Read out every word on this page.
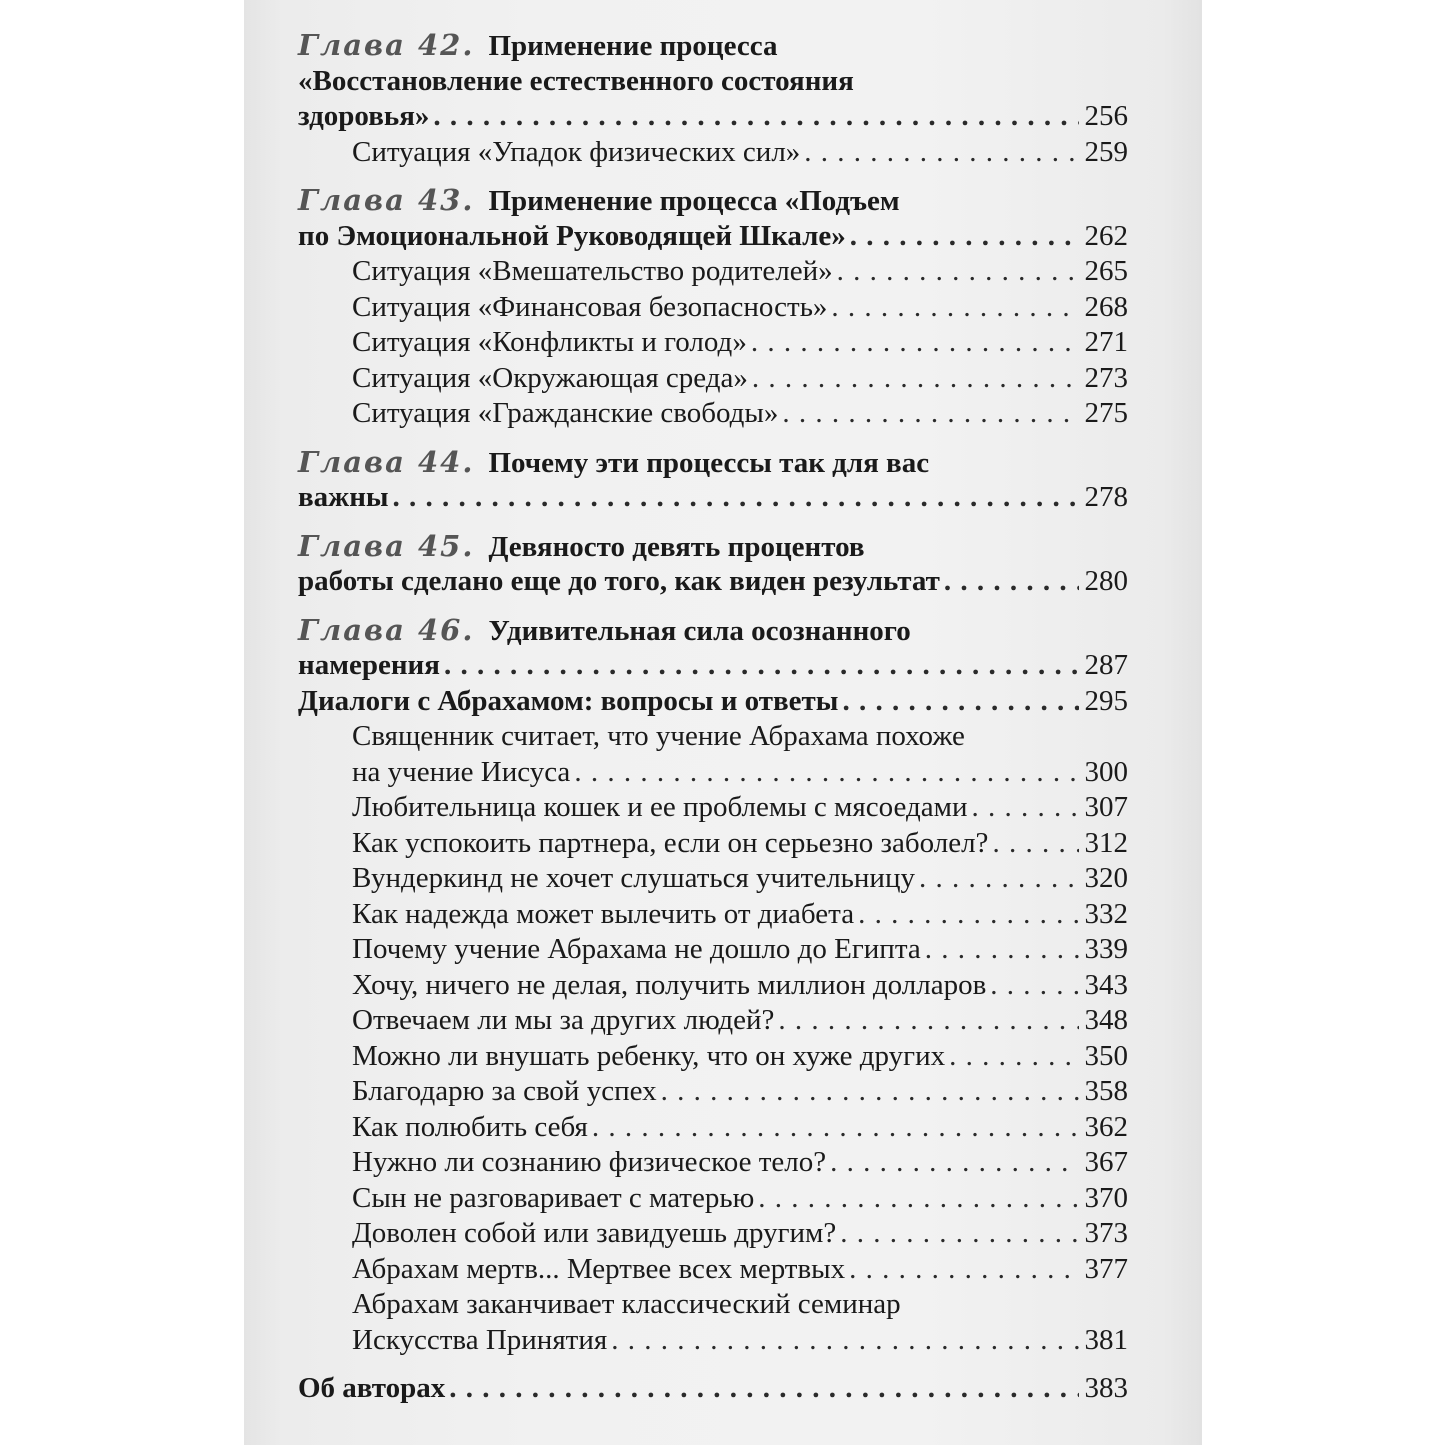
Глава 42. Применение процесса
«Восстановление естественного состояния
здоровья» . . .	256
Ситуация «Упадок физических сил» . . .	259
Глава 43. Применение процесса «Подъем
по Эмоциональной Руководящей Шкале» . . .	262
Ситуация «Вмешательство родителей» . . .	265
Ситуация «Финансовая безопасность» . . .	268
Ситуация «Конфликты и голод» . . .	271
Ситуация «Окружающая среда» . . .	273
Ситуация «Гражданские свободы» . . .	275
Глава 44. Почему эти процессы так для вас
важны . . .	278
Глава 45. Девяносто девять процентов
работы сделано еще до того, как виден результат . . .	280
Глава 46. Удивительная сила осознанного
намерения . . .	287
Диалоги с Абрахамом: вопросы и ответы . . .	295
Священник считает, что учение Абрахама похоже
на учение Иисуса . . .	300
Любительница кошек и ее проблемы с мясоедами . . .	307
Как успокоить партнера, если он серьезно заболел? . . .	312
Вундеркинд не хочет слушаться учительницу . . .	320
Как надежда может вылечить от диабета . . .	332
Почему учение Абрахама не дошло до Египта . . .	339
Хочу, ничего не делая, получить миллион долларов . . .	343
Отвечаем ли мы за других людей? . . .	348
Можно ли внушать ребенку, что он хуже других . . .	350
Благодарю за свой успех . . .	358
Как полюбить себя . . .	362
Нужно ли сознанию физическое тело? . . .	367
Сын не разговаривает с матерью . . .	370
Доволен собой или завидуешь другим? . . .	373
Абрахам мертв... Мертвее всех мертвых . . .	377
Абрахам заканчивает классический семинар
Искусства Принятия . . .	381
Об авторах . . .	383
